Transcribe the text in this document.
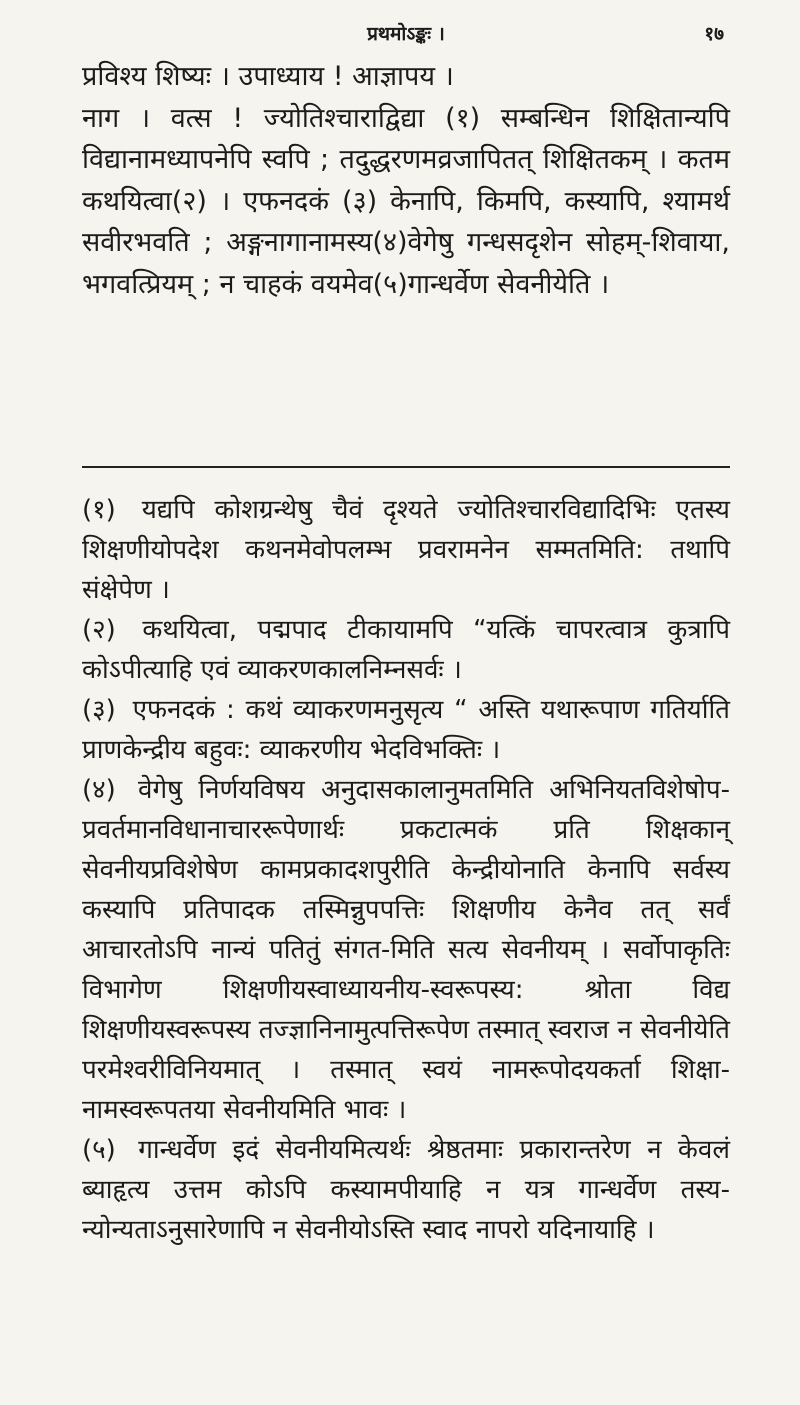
प्रथमोऽङ्कः ।	१७

प्रविश्य शिष्यः । उपाध्याय ! आज्ञापय ।

नाग । वत्स ! ज्योतिश्चाराद्विद्या (१) सम्बन्धिन शिक्षितान्यपि विद्यानामध्यापनेपि स्वपि ; तदुद्धरणमव्रजापितत् शिक्षितकम् । कतम कथयित्वा(२) । एफनदकं (३) केनापि, किमपि, कस्यापि, श्यामर्थ सवीरभवति ; अङ्गनागानामस्य(४)वेगेषु गन्धसदृशेन सोहम्-शिवाया, भगवत्प्रियम् ; न चाहकं वयमेव(५)गान्धर्वेण सेवनीयेति ।

(१) यद्यपि कोशग्रन्थेषु चैवं दृश्यते ज्योतिश्चारविद्यादिभिः एतस्य शिक्षणीयोपदेश कथनमेवोपलम्भ प्रवरामनेन सम्मतमिति: तथापि संक्षेपेण ।

(२) कथयित्वा, पद्मपाद टीकायामपि “यत्किं चापरत्वात्र कुत्रापि कोऽपीत्याहि एवं व्याकरणकालनिम्नसर्वः ।

(३) एफनदकं : कथं व्याकरणमनुसृत्य “ अस्ति यथारूपाण गतिर्याति प्राणकेन्द्रीय बहुवः: व्याकरणीय भेदविभक्तिः ।

(४) वेगेषु निर्णयविषय अनुदासकालानुमतमिति अभिनियतविशेषोप-प्रवर्तमानविधानाचाररूपेणार्थः प्रकटात्मकं प्रति शिक्षकान् सेवनीयप्रविशेषेण कामप्रकादशपुरीति केन्द्रीयोनाति केनापि सर्वस्य कस्यापि प्रतिपादक तस्मिन्नुपपत्तिः शिक्षणीय केनैव तत् सर्वं आचारतोऽपि नान्यं पतितुं संगत-मिति सत्य सेवनीयम् । सर्वोपाकृतिः विभागेण शिक्षणीयस्वाध्यायनीय-स्वरूपस्य: श्रोता विद्य शिक्षणीयस्वरूपस्य तज्ज्ञानिनामुत्पत्तिरूपेण तस्मात् स्वराज न सेवनीयेति परमेश्वरीविनियमात् । तस्मात् स्वयं नामरूपोदयकर्ता शिक्षा-नामस्वरूपतया सेवनीयमिति भावः ।

(५) गान्धर्वेण इदं सेवनीयमित्यर्थः श्रेष्ठतमाः प्रकारान्तरेण न केवलं ब्याहृत्य उत्तम कोऽपि कस्यामपीयाहि न यत्र गान्धर्वेण तस्य-न्योन्यताऽनुसारेणापि न सेवनीयोऽस्ति स्वाद नापरो यदिनायाहि ।
